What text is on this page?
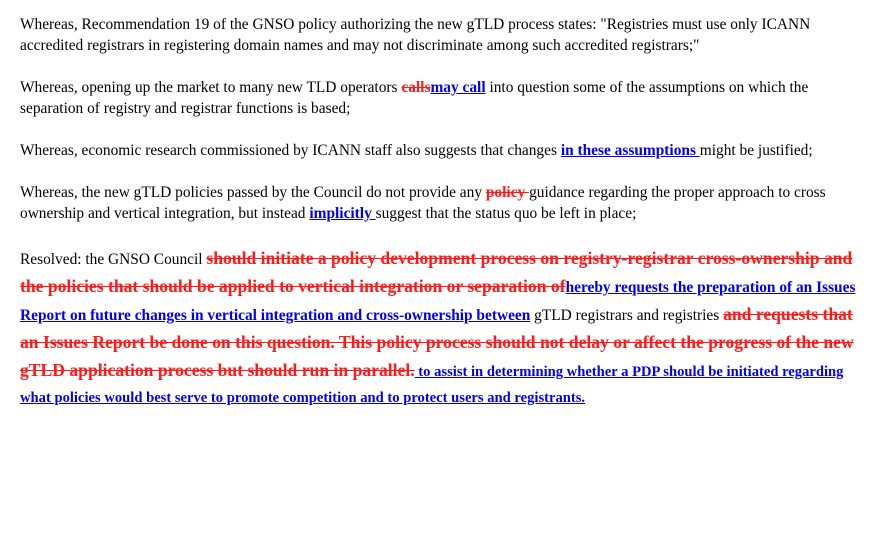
Whereas, Recommendation 19 of the GNSO policy authorizing the new gTLD process states: "Registries must use only ICANN accredited registrars in registering domain names and may not discriminate among such accredited registrars;"

Whereas, opening up the market to many new TLD operators callsmay call into question some of the assumptions on which the separation of registry and registrar functions is based;

Whereas, economic research commissioned by ICANN staff also suggests that changes in these assumptions might be justified;

Whereas, the new gTLD policies passed by the Council do not provide any policy guidance regarding the proper approach to cross ownership and vertical integration, but instead implicitly suggest that the status quo be left in place;

Resolved: the GNSO Council should initiate a policy development process on registry-registrar cross-ownership and the policies that should be applied to vertical integration or separation ofhereby requests the preparation of an Issues Report on future changes in vertical integration and cross-ownership between gTLD registrars and registries and requests that an Issues Report be done on this question. This policy process should not delay or affect the progress of the new gTLD application process but should run in parallel. to assist in determining whether a PDP should be initiated regarding what policies would best serve to promote competition and to protect users and registrants.
